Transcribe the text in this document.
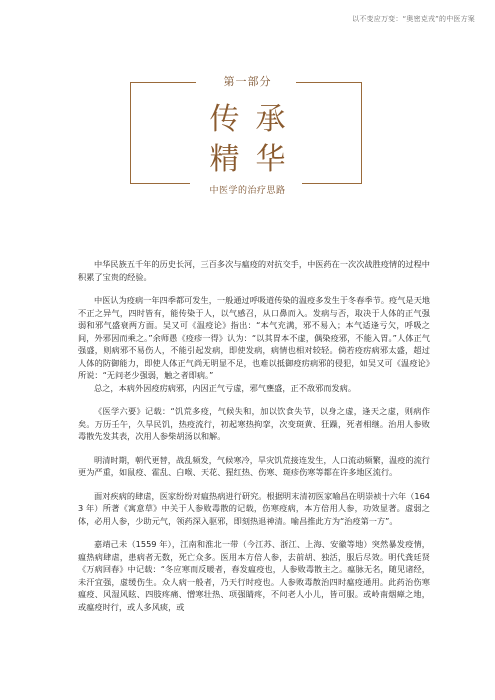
以不变应万变：“奥密克戎”的中医方案
第一部分
传承
精华
中医学的治疗思路

中华民族五千年的历史长河，三百多次与瘟疫的对抗交手，中医药在一次次战胜疫情的过程中积累了宝贵的经验。

中医认为疫病一年四季都可发生，一般通过呼吸道传染的温疫多发生于冬春季节。疫气是天地不正之异气，四时皆有，能传染于人，以气感召，从口鼻而入。发病与否，取决于人体的正气强弱和邪气盛衰两方面。吴又可《温疫论》指出：“本气充满，邪不易入；本气适逢亏欠，呼吸之间，外邪因而乘之。”余师愚《疫疹一得》认为：“以其胃本不虚，偶染疫邪，不能入胃。”人体正气强盛，则病邪不易伤人，不能引起发病，即使发病，病情也相对较轻。倘若疫疠病邪太盛，超过人体的防御能力，即使人体正气尚无明显不足，也难以抵御疫疠病邪的侵犯，如吴又可《温疫论》所说：“无问老少强弱，触之者即病。”

总之，本病外因疫疠病邪，内因正气亏虚，邪气壅盛，正不敌邪而发病。

《医学六要》记载：“饥荒多疫，气候失和，加以饮食失节，以身之虚，逢天之虚，则病作矣。万历壬午，久旱民饥，热疫流行，初起寒热拘挛，次变斑黄、狂躁，死者相继。治用人参败毒散先发其表，次用人参柴胡汤以和解。

明清时期，朝代更替，战乱频发，气候寒冷，旱灾饥荒接连发生，人口流动频繁，温疫的流行更为严重，如鼠疫、霍乱、白喉、天花、猩红热、伤寒、斑疹伤寒等都在许多地区流行。

面对疾病的肆虐，医家纷纷对瘟热病进行研究。根据明末清初医家喻昌在明崇祯十六年（1643 年）所著《寓意草》中关于人参败毒散的记载，伤寒疫病，本方倍用人参，功效显著。虚弱之体，必用人参，少助元气，领药深入驱邪，即刻热退神清。喻昌推此方为“治疫第一方”。

嘉靖己未（1559 年），江南和淮北一带（今江苏、浙江、上海、安徽等地）突然暴发疫情，瘟热病肆虐，患病者无数，死亡众多。医用本方倍人参，去前胡、独活，服后尽效。明代龚廷贤《万病回春》中记载：“冬应寒而反暖者，春发瘟疫也，人参败毒散主之。瘟脉无名，随见诸经，未汗宜强，虚缓伤生。众人病一般者，乃天行时疫也。人参败毒散治四时瘟疫通用。此药治伤寒瘟疫、风湿风眩、四肢疼痛、憎寒壮热、项强睛疼，不问老人小儿，皆可服。或岭南烟瘴之地，或瘟疫时行，或人多风痰，或
